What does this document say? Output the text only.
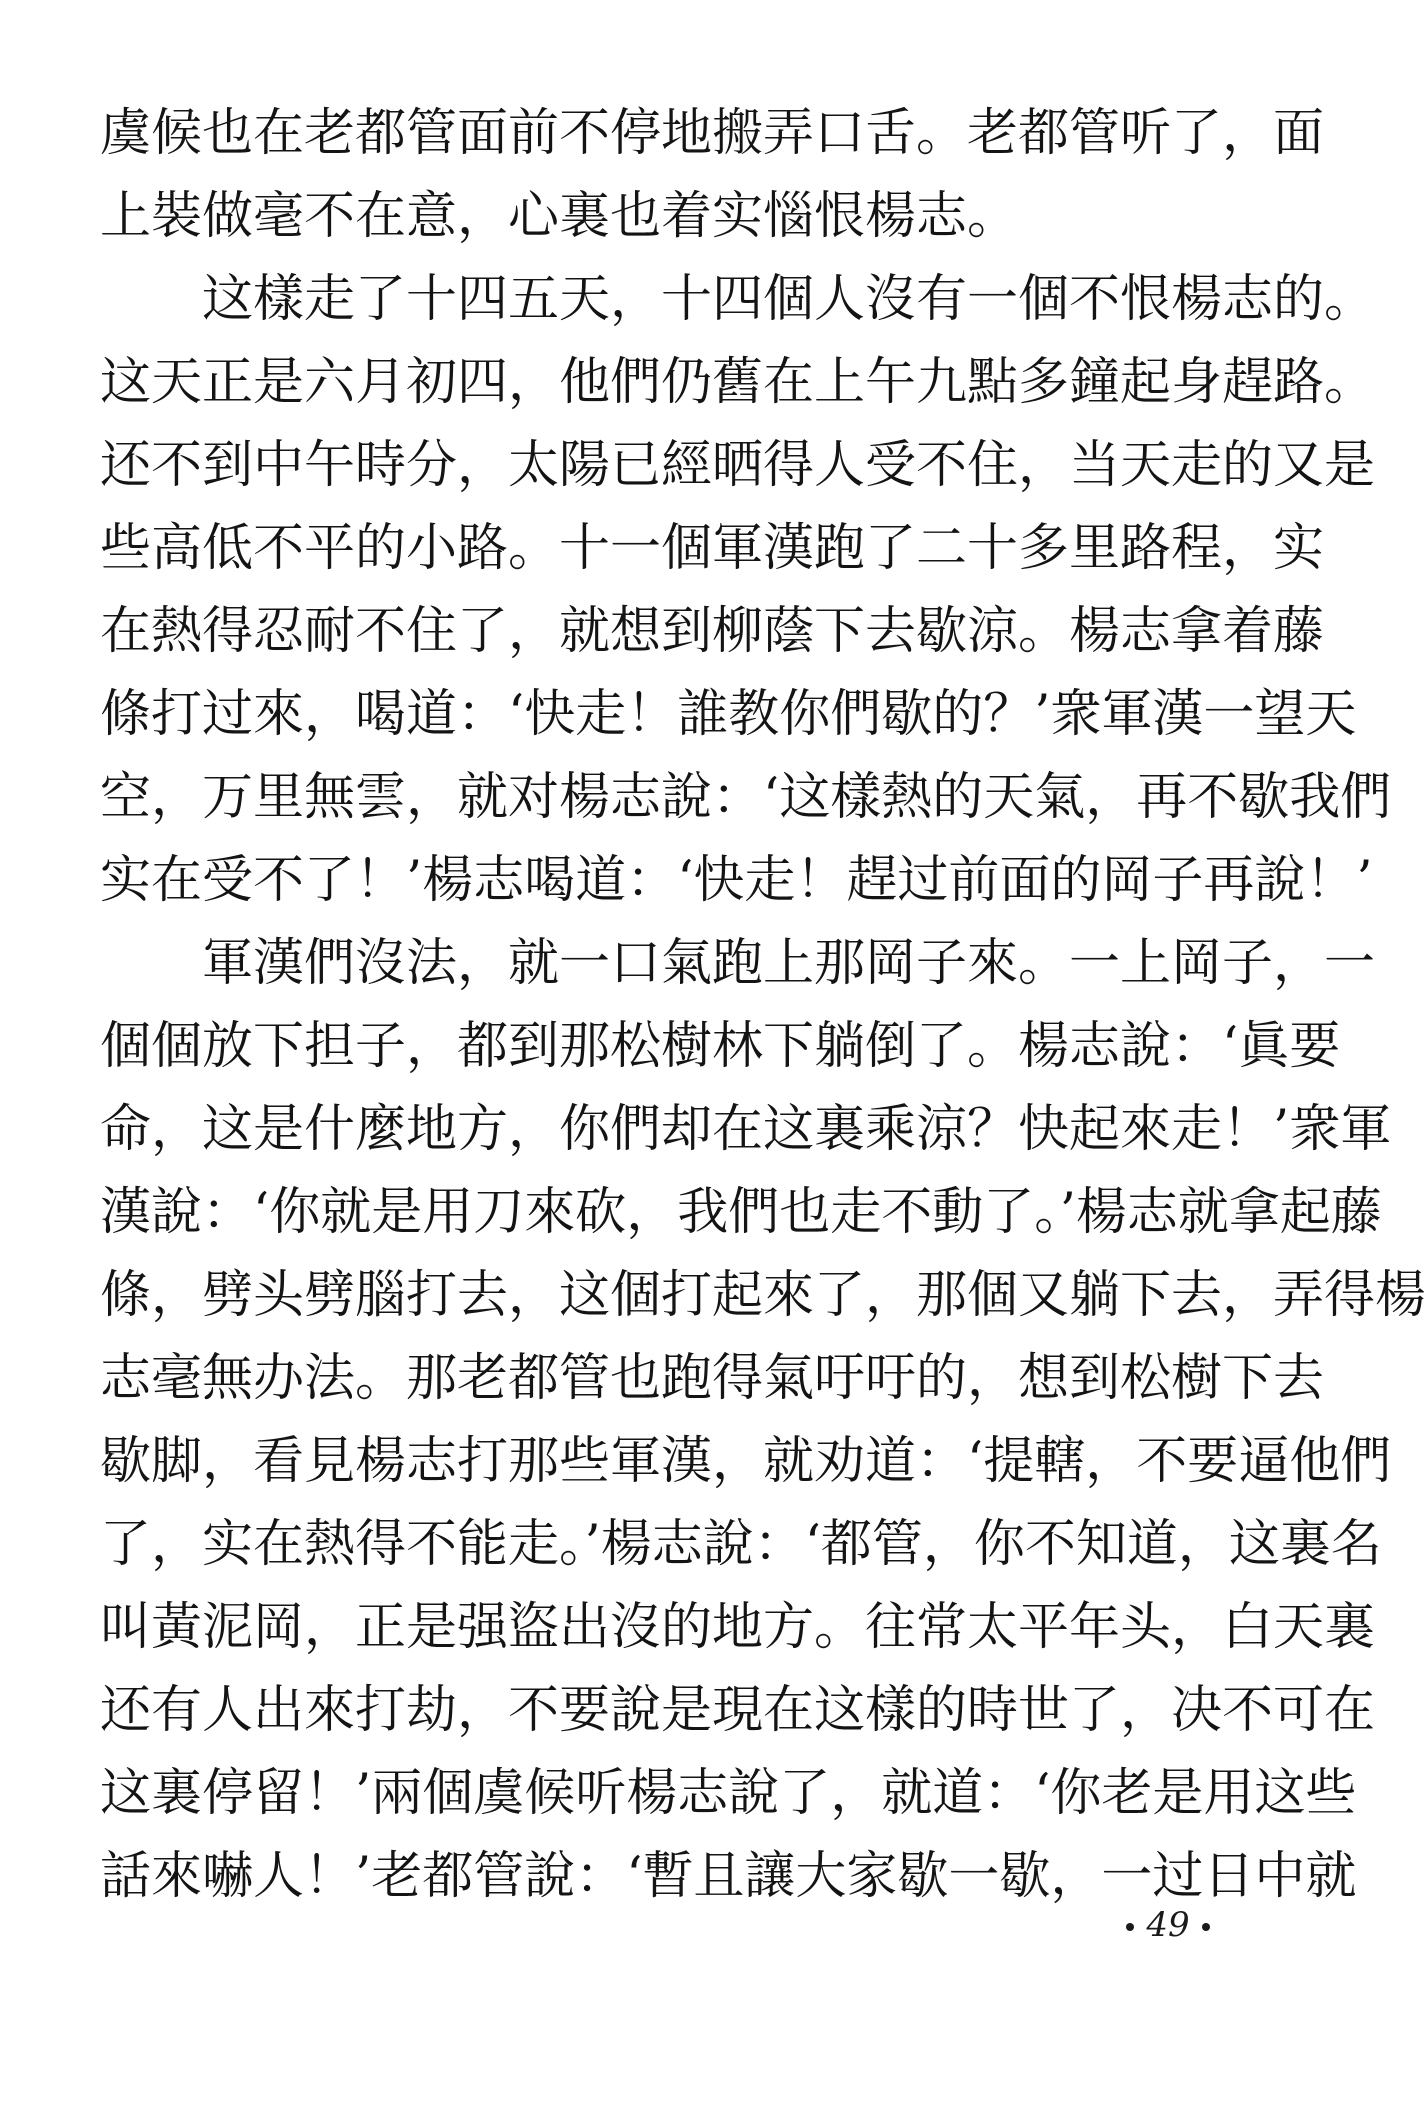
虞候也在老都管面前不停地搬弄口舌。老都管听了，面
上裝做毫不在意，心裏也着实惱恨楊志。
这樣走了十四五天，十四個人沒有一個不恨楊志的。
这天正是六月初四，他們仍舊在上午九點多鐘起身趕路。
还不到中午時分，太陽已經晒得人受不住，当天走的又是
些高低不平的小路。十一個軍漢跑了二十多里路程，实
在熱得忍耐不住了，就想到柳蔭下去歇涼。楊志拿着藤
條打过來，喝道：‘快走！誰教你們歇的？’衆軍漢一望天
空，万里無雲，就对楊志說：‘这樣熱的天氣，再不歇我們
实在受不了！’楊志喝道：‘快走！趕过前面的岡子再說！’
軍漢們沒法，就一口氣跑上那岡子來。一上岡子，一
個個放下担子，都到那松樹林下躺倒了。楊志說：‘眞要
命，这是什麼地方，你們却在这裏乘涼？快起來走！’衆軍
漢說：‘你就是用刀來砍，我們也走不動了。’楊志就拿起藤
條，劈头劈腦打去，这個打起來了，那個又躺下去，弄得楊
志毫無办法。那老都管也跑得氣吁吁的，想到松樹下去
歇脚，看見楊志打那些軍漢，就劝道：‘提轄，不要逼他們
了，实在熱得不能走。’楊志說：‘都管，你不知道，这裏名
叫黃泥岡，正是强盜出沒的地方。往常太平年头，白天裏
还有人出來打劫，不要說是現在这樣的時世了，决不可在
这裏停留！’兩個虞候听楊志說了，就道：‘你老是用这些
話來嚇人！’老都管說：‘暫且讓大家歇一歇，一过日中就
49
